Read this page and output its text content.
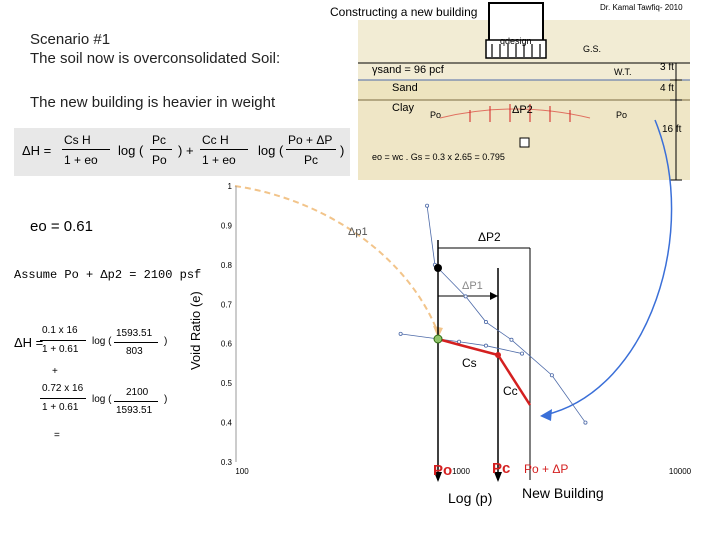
Constructing a new building	Dr. Kamal Tawfiq- 2010
Scenario #1
The soil now is overconsolidated Soil:
The new building is heavier in weight
ΔH =
Cs H
1 + eo
log (
Pc
Po
) +
Cc H
1 + eo
log (
Po + ΔP
Pc
)
0.3
0.4
0.5
0.6
0.7
0.8
0.9
1
100	1000	10000
qdesign
G.S.
γsand = 96 pcf	W.T.	3 ft
Sand	4 ft
Clay
Po	ΔP2	Po
16 ft
eo = wc . Gs = 0.3 x 2.65 = 0.795
eo = 0.61
Assume Po + Δp2 = 2100 psf
ΔH =
0.1 x 16
1 + 0.61
log (
1593.51
803
)
+
0.72 x 16
1 + 0.61
log (
2100
1593.51
)
=
Void Ratio (e)
Log (p) New Building
Δp1	ΔP2
ΔP1
Cs
Cc
Po	Pc Po + ΔP
